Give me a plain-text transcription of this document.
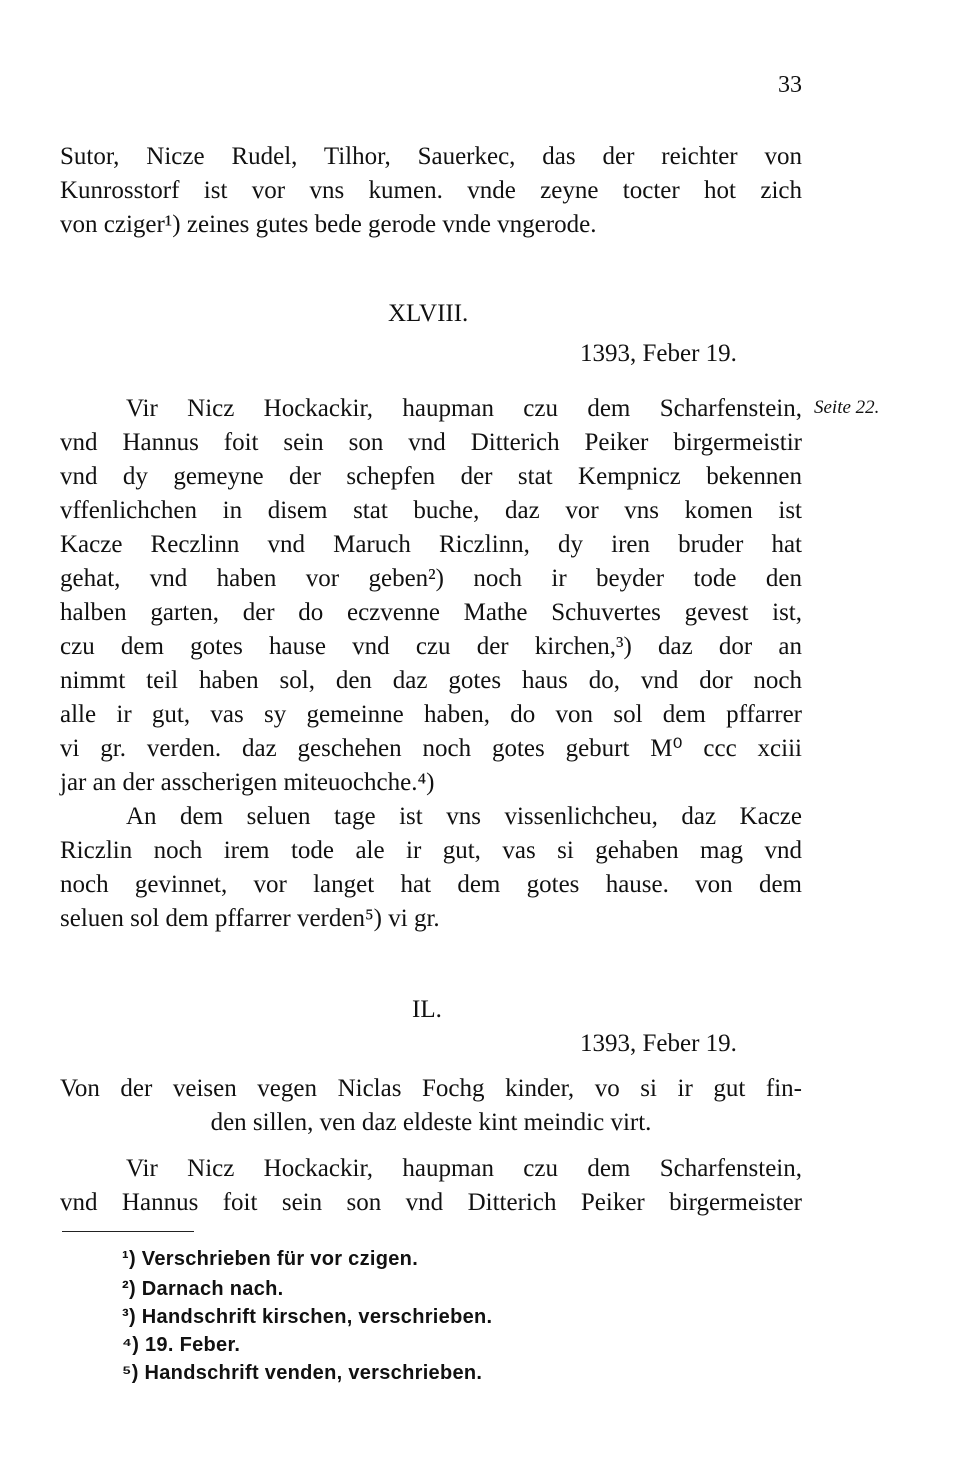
33
Sutor, Nicze Rudel, Tilhor, Sauerkec, das der reichter von
Kunrosstorf ist vor vns kumen. vnde zeyne tocter hot zich
von cziger¹) zeines gutes bede gerode vnde vngerode.
XLVIII.
1393, Feber 19.
Seite 22.
Vir Nicz Hockackir, haupman czu dem Scharfenstein,
vnd Hannus foit sein son vnd Ditterich Peiker birgermeistir
vnd dy gemeyne der schepfen der stat Kempnicz bekennen
vffenlichchen in disem stat buche, daz vor vns komen ist
Kacze Reczlinn vnd Maruch Riczlinn, dy iren bruder hat
gehat, vnd haben vor geben²) noch ir beyder tode den
halben garten, der do eczvenne Mathe Schuvertes gevest ist,
czu dem gotes hause vnd czu der kirchen,³) daz dor an
nimmt teil haben sol, den daz gotes haus do, vnd dor noch
alle ir gut, vas sy gemeinne haben, do von sol dem pffarrer
vi gr. verden. daz geschehen noch gotes geburt M⁰ ccc xciii
jar an der asscherigen miteuochche.⁴)
An dem seluen tage ist vns vissenlichcheu, daz Kacze
Riczlin noch irem tode ale ir gut, vas si gehaben mag vnd
noch gevinnet, vor langet hat dem gotes hause. von dem
seluen sol dem pffarrer verden⁵) vi gr.
IL.
1393, Feber 19.
Von der veisen vegen Niclas Fochg kinder, vo si ir gut fin-
den sillen, ven daz eldeste kint meindic virt.
Vir Nicz Hockackir, haupman czu dem Scharfenstein,
vnd Hannus foit sein son vnd Ditterich Peiker birgermeister
¹) Verschrieben für vor czigen.
²) Darnach nach.
³) Handschrift kirschen, verschrieben.
⁴) 19. Feber.
⁵) Handschrift venden, verschrieben.
